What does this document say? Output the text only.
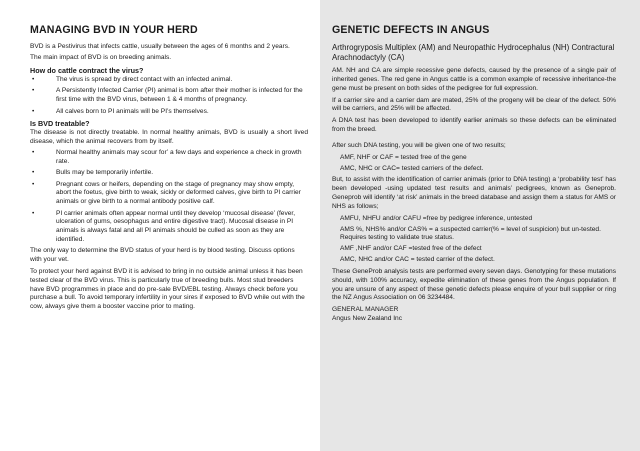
MANAGING BVD IN YOUR HERD

BVD is a Pestivirus that infects cattle, usually between the ages of 6 months and 2 years.

The main impact of BVD is on breeding animals.

How do cattle contract the virus?
•	The virus is spread by direct contact with an infected animal.
•	A Persistently Infected Carrier (PI) animal is born after their mother is infected for the first time with the BVD virus, between 1 & 4 months of pregnancy.
•	All calves born to PI animals will be PI’s themselves.
Is BVD treatable?

The disease is not directly treatable. In normal healthy animals, BVD is usually a short lived disease, which the animal recovers from by itself.

•	Normal healthy animals may scour for’ a few days and experience a check in growth rate.
•	Bulls may be temporarily infertile.
•	Pregnant cows or heifers, depending on the stage of pregnancy may show empty, abort the foetus, give birth to weak, sickly or deformed calves, give birth to PI carrier animals or give birth to a normal antibody positive calf.
•	PI carrier animals often appear normal until they develop ‘mucosal disease’ (fever, ulceration of gums, oesophagus and entire digestive tract). Mucosal disease in PI animals is always fatal and all PI animals should be culled as soon as they are identified.

The only way to determine the BVD status of your herd is by blood testing. Discuss options with your vet.

To protect your herd against BVD it is advised to bring in no outside animal unless it has been tested clear of the BVD virus. This is particularly true of breeding bulls. Most stud breeders have BVD programmes in place and do pre-sale BVD/EBL testing. Always check before you purchase a bull. To avoid temporary infertility in your sires if exposed to BVD while out with the cow, always give them a booster vaccine prior to mating.

GENETIC DEFECTS IN ANGUS

Arthrogryposis Multiplex (AM) and Neuropathic Hydrocephalus (NH) Contractural Arachnodactyly (CA)

AM. NH and CA are simple recessive gene defects, caused by the presence of a single pair of inherited genes. The red gene in Angus cattle is a common example of recessive inheritance-the gene must be present on both sides of the pedigree for full expression.

If a carrier sire and a carrier dam are mated, 25% of the progeny will be clear of the defect. 50% will be carriers, and 25% will be affected.

A DNA test has been developed to identify earlier animals so these defects can be eliminated from the breed.

After such DNA testing, you will be given one of two results;

AMF, NHF or CAF = tested free of the gene

AMC, NHC or CAC= tested carriers of the defect.

But, to assist with the identification of carrier animals (prior to DNA testing) a ‘probability test’ has been developed -using updated test results and animals’ pedigrees, known as Geneprob. Geneprob will identify ‘at risk’ animals in the breed database and assign them a status for AMS or NHS as follows;

AMFU, NHFU and/or CAFU =free by pedigree inference, untested

AMS %, NHS% and/or CAS% = a suspected carrier(% = level of suspicion) but un-tested. Requires testing to validate true status.

AMF ,NHF and/or CAF =tested free of the defect

AMC, NHC and/or CAC = tested carrier of the defect.

These GeneProb analysis tests are performed every seven days. Genotyping for these mutations should, with 100% accuracy, expedite elimination of these genes from the Angus population. If you are unsure of any aspect of these genetic defects please enquire of your bull supplier or ring the NZ Angus Association on 06 3234484.

GENERAL MANAGER

Angus New Zealand Inc
